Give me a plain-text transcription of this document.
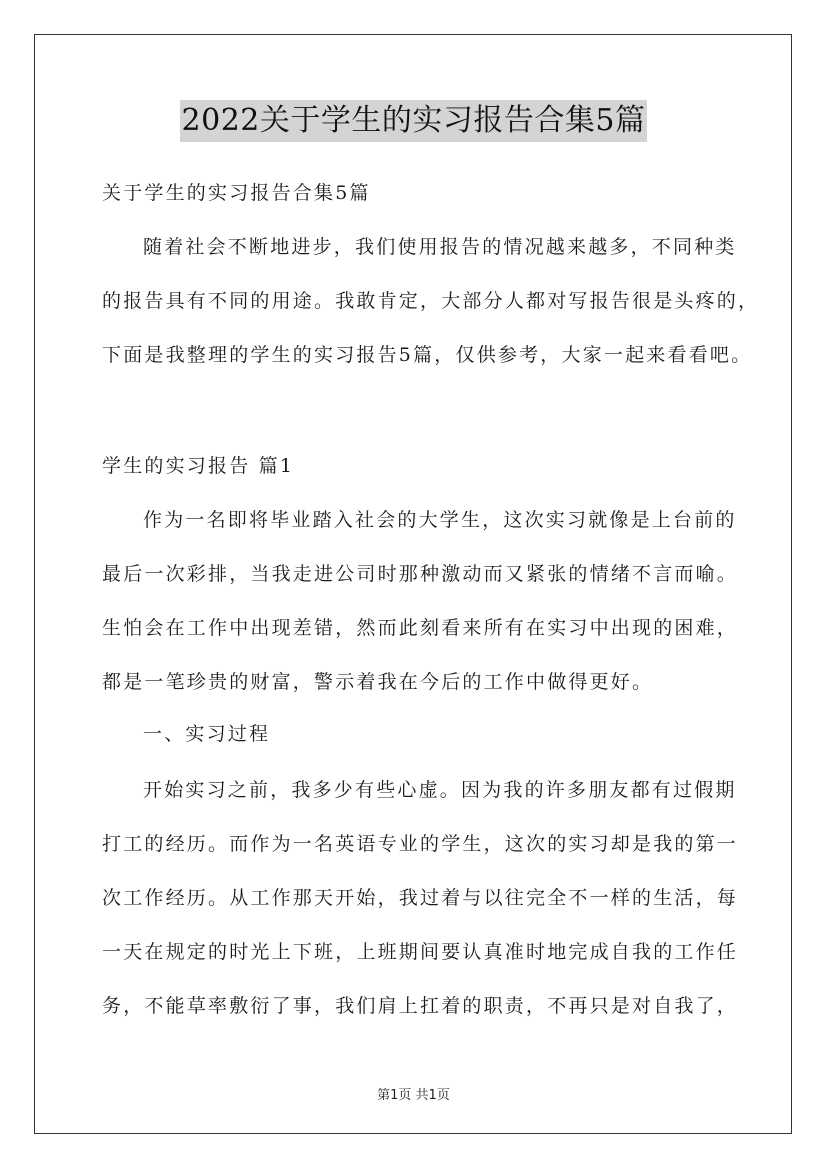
2022关于学生的实习报告合集5篇
关于学生的实习报告合集5篇
随着社会不断地进步，我们使用报告的情况越来越多，不同种类
的报告具有不同的用途。我敢肯定，大部分人都对写报告很是头疼的，
下面是我整理的学生的实习报告5篇，仅供参考，大家一起来看看吧。
学生的实习报告 篇1
作为一名即将毕业踏入社会的大学生，这次实习就像是上台前的
最后一次彩排，当我走进公司时那种激动而又紧张的情绪不言而喻。
生怕会在工作中出现差错，然而此刻看来所有在实习中出现的困难，
都是一笔珍贵的财富，警示着我在今后的工作中做得更好。
一、实习过程
开始实习之前，我多少有些心虚。因为我的许多朋友都有过假期
打工的经历。而作为一名英语专业的学生，这次的实习却是我的第一
次工作经历。从工作那天开始，我过着与以往完全不一样的生活，每
一天在规定的时光上下班，上班期间要认真准时地完成自我的工作任
务，不能草率敷衍了事，我们肩上扛着的职责，不再只是对自我了，
第1页 共1页
